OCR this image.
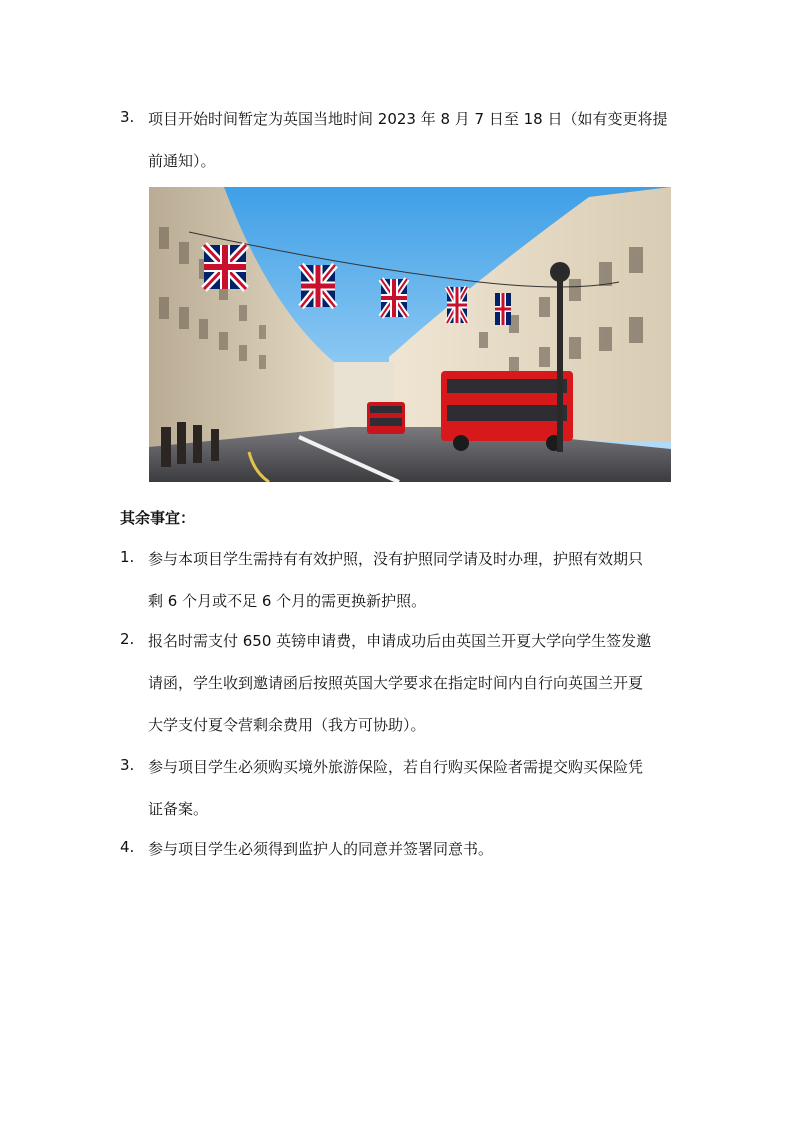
3. 项目开始时间暂定为英国当地时间 2023 年 8 月 7 日至 18 日（如有变更将提
前通知）。
其余事宜：
1. 参与本项目学生需持有有效护照，没有护照同学请及时办理，护照有效期只
剩 6 个月或不足 6 个月的需更换新护照。
2. 报名时需支付 650 英镑申请费，申请成功后由英国兰开夏大学向学生签发邀
请函，学生收到邀请函后按照英国大学要求在指定时间内自行向英国兰开夏
大学支付夏令营剩余费用（我方可协助）。
3. 参与项目学生必须购买境外旅游保险，若自行购买保险者需提交购买保险凭
证备案。
4. 参与项目学生必须得到监护人的同意并签署同意书。
